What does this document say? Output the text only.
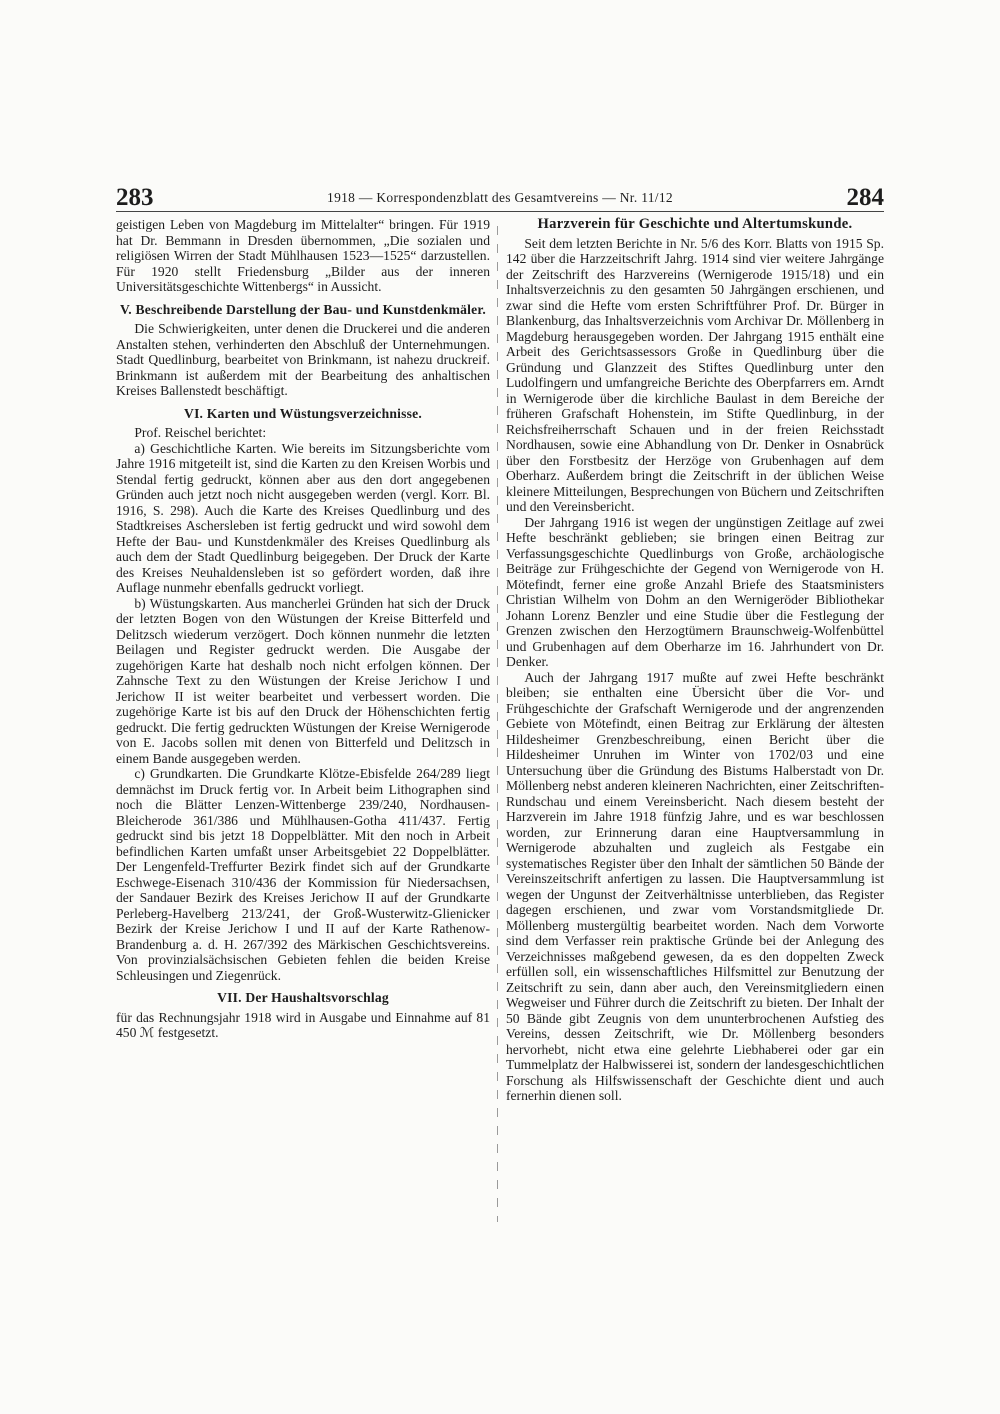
283	1918 — Korrespondenzblatt des Gesamtvereins — Nr. 11/12	284

geistigen Leben von Magdeburg im Mittelalter“ bringen. Für 1919 hat Dr. Bemmann in Dresden übernommen, „Die sozialen und religiösen Wirren der Stadt Mühlhausen 1523—1525“ darzustellen. Für 1920 stellt Friedensburg „Bilder aus der inneren Universitätsgeschichte Wittenbergs“ in Aussicht.

V. Beschreibende Darstellung der Bau- und Kunstdenkmäler.

Die Schwierigkeiten, unter denen die Druckerei und die anderen Anstalten stehen, verhinderten den Abschluß der Unternehmungen. Stadt Quedlinburg, bearbeitet von Brinkmann, ist nahezu druckreif. Brinkmann ist außerdem mit der Bearbeitung des anhaltischen Kreises Ballenstedt beschäftigt.

VI. Karten und Wüstungsverzeichnisse.

Prof. Reischel berichtet:

a) Geschichtliche Karten. Wie bereits im Sitzungsberichte vom Jahre 1916 mitgeteilt ist, sind die Karten zu den Kreisen Worbis und Stendal fertig gedruckt, können aber aus den dort angegebenen Gründen auch jetzt noch nicht ausgegeben werden (vergl. Korr. Bl. 1916, S. 298). Auch die Karte des Kreises Quedlinburg und des Stadtkreises Aschersleben ist fertig gedruckt und wird sowohl dem Hefte der Bau- und Kunstdenkmäler des Kreises Quedlinburg als auch dem der Stadt Quedlinburg beigegeben. Der Druck der Karte des Kreises Neuhaldensleben ist so gefördert worden, daß ihre Auflage nunmehr ebenfalls gedruckt vorliegt.

b) Wüstungskarten. Aus mancherlei Gründen hat sich der Druck der letzten Bogen von den Wüstungen der Kreise Bitterfeld und Delitzsch wiederum verzögert. Doch können nunmehr die letzten Beilagen und Register gedruckt werden. Die Ausgabe der zugehörigen Karte hat deshalb noch nicht erfolgen können. Der Zahnsche Text zu den Wüstungen der Kreise Jerichow I und Jerichow II ist weiter bearbeitet und verbessert worden. Die zugehörige Karte ist bis auf den Druck der Höhenschichten fertig gedruckt. Die fertig gedruckten Wüstungen der Kreise Wernigerode von E. Jacobs sollen mit denen von Bitterfeld und Delitzsch in einem Bande ausgegeben werden.

c) Grundkarten. Die Grundkarte Klötze-Ebisfelde 264/289 liegt demnächst im Druck fertig vor. In Arbeit beim Lithographen sind noch die Blätter Lenzen-Wittenberge 239/240, Nordhausen-Bleicherode 361/386 und Mühlhausen-Gotha 411/437. Fertig gedruckt sind bis jetzt 18 Doppelblätter. Mit den noch in Arbeit befindlichen Karten umfaßt unser Arbeitsgebiet 22 Doppelblätter. Der Lengenfeld-Treffurter Bezirk findet sich auf der Grundkarte Eschwege-Eisenach 310/436 der Kommission für Niedersachsen, der Sandauer Bezirk des Kreises Jerichow II auf der Grundkarte Perleberg-Havelberg 213/241, der Groß-Wusterwitz-Glienicker Bezirk der Kreise Jerichow I und II auf der Karte Rathenow-Brandenburg a. d. H. 267/392 des Märkischen Geschichtsvereins. Von provinzialsächsischen Gebieten fehlen die beiden Kreise Schleusingen und Ziegenrück.

VII. Der Haushaltsvorschlag

für das Rechnungsjahr 1918 wird in Ausgabe und Einnahme auf 81 450 ℳ festgesetzt.

Harzverein für Geschichte und Altertumskunde.

Seit dem letzten Berichte in Nr. 5/6 des Korr. Blatts von 1915 Sp. 142 über die Harzzeitschrift Jahrg. 1914 sind vier weitere Jahrgänge der Zeitschrift des Harzvereins (Wernigerode 1915/18) und ein Inhaltsverzeichnis zu den gesamten 50 Jahrgängen erschienen, und zwar sind die Hefte vom ersten Schriftführer Prof. Dr. Bürger in Blankenburg, das Inhaltsverzeichnis vom Archivar Dr. Möllenberg in Magdeburg herausgegeben worden. Der Jahrgang 1915 enthält eine Arbeit des Gerichtsassessors Große in Quedlinburg über die Gründung und Glanzzeit des Stiftes Quedlinburg unter den Ludolfingern und umfangreiche Berichte des Oberpfarrers em. Arndt in Wernigerode über die kirchliche Baulast in dem Bereiche der früheren Grafschaft Hohenstein, im Stifte Quedlinburg, in der Reichsfreiherrschaft Schauen und in der freien Reichsstadt Nordhausen, sowie eine Abhandlung von Dr. Denker in Osnabrück über den Forstbesitz der Herzöge von Grubenhagen auf dem Oberharz. Außerdem bringt die Zeitschrift in der üblichen Weise kleinere Mitteilungen, Besprechungen von Büchern und Zeitschriften und den Vereinsbericht.

Der Jahrgang 1916 ist wegen der ungünstigen Zeitlage auf zwei Hefte beschränkt geblieben; sie bringen einen Beitrag zur Verfassungsgeschichte Quedlinburgs von Große, archäologische Beiträge zur Frühgeschichte der Gegend von Wernigerode von H. Mötefindt, ferner eine große Anzahl Briefe des Staatsministers Christian Wilhelm von Dohm an den Wernigeröder Bibliothekar Johann Lorenz Benzler und eine Studie über die Festlegung der Grenzen zwischen den Herzogtümern Braunschweig-Wolfenbüttel und Grubenhagen auf dem Oberharze im 16. Jahrhundert von Dr. Denker.

Auch der Jahrgang 1917 mußte auf zwei Hefte beschränkt bleiben; sie enthalten eine Übersicht über die Vor- und Frühgeschichte der Grafschaft Wernigerode und der angrenzenden Gebiete von Mötefindt, einen Beitrag zur Erklärung der ältesten Hildesheimer Grenzbeschreibung, einen Bericht über die Hildesheimer Unruhen im Winter von 1702/03 und eine Untersuchung über die Gründung des Bistums Halberstadt von Dr. Möllenberg nebst anderen kleineren Nachrichten, einer Zeitschriften-Rundschau und einem Vereinsbericht. Nach diesem besteht der Harzverein im Jahre 1918 fünfzig Jahre, und es war beschlossen worden, zur Erinnerung daran eine Hauptversammlung in Wernigerode abzuhalten und zugleich als Festgabe ein systematisches Register über den Inhalt der sämtlichen 50 Bände der Vereinszeitschrift anfertigen zu lassen. Die Hauptversammlung ist wegen der Ungunst der Zeitverhältnisse unterblieben, das Register dagegen erschienen, und zwar vom Vorstandsmitgliede Dr. Möllenberg mustergültig bearbeitet worden. Nach dem Vorworte sind dem Verfasser rein praktische Gründe bei der Anlegung des Verzeichnisses maßgebend gewesen, da es den doppelten Zweck erfüllen soll, ein wissenschaftliches Hilfsmittel zur Benutzung der Zeitschrift zu sein, dann aber auch, den Vereinsmitgliedern einen Wegweiser und Führer durch die Zeitschrift zu bieten. Der Inhalt der 50 Bände gibt Zeugnis von dem ununterbrochenen Aufstieg des Vereins, dessen Zeitschrift, wie Dr. Möllenberg besonders hervorhebt, nicht etwa eine gelehrte Liebhaberei oder gar ein Tummelplatz der Halbwisserei ist, sondern der landesgeschichtlichen Forschung als Hilfswissenschaft der Geschichte dient und auch fernerhin dienen soll.
